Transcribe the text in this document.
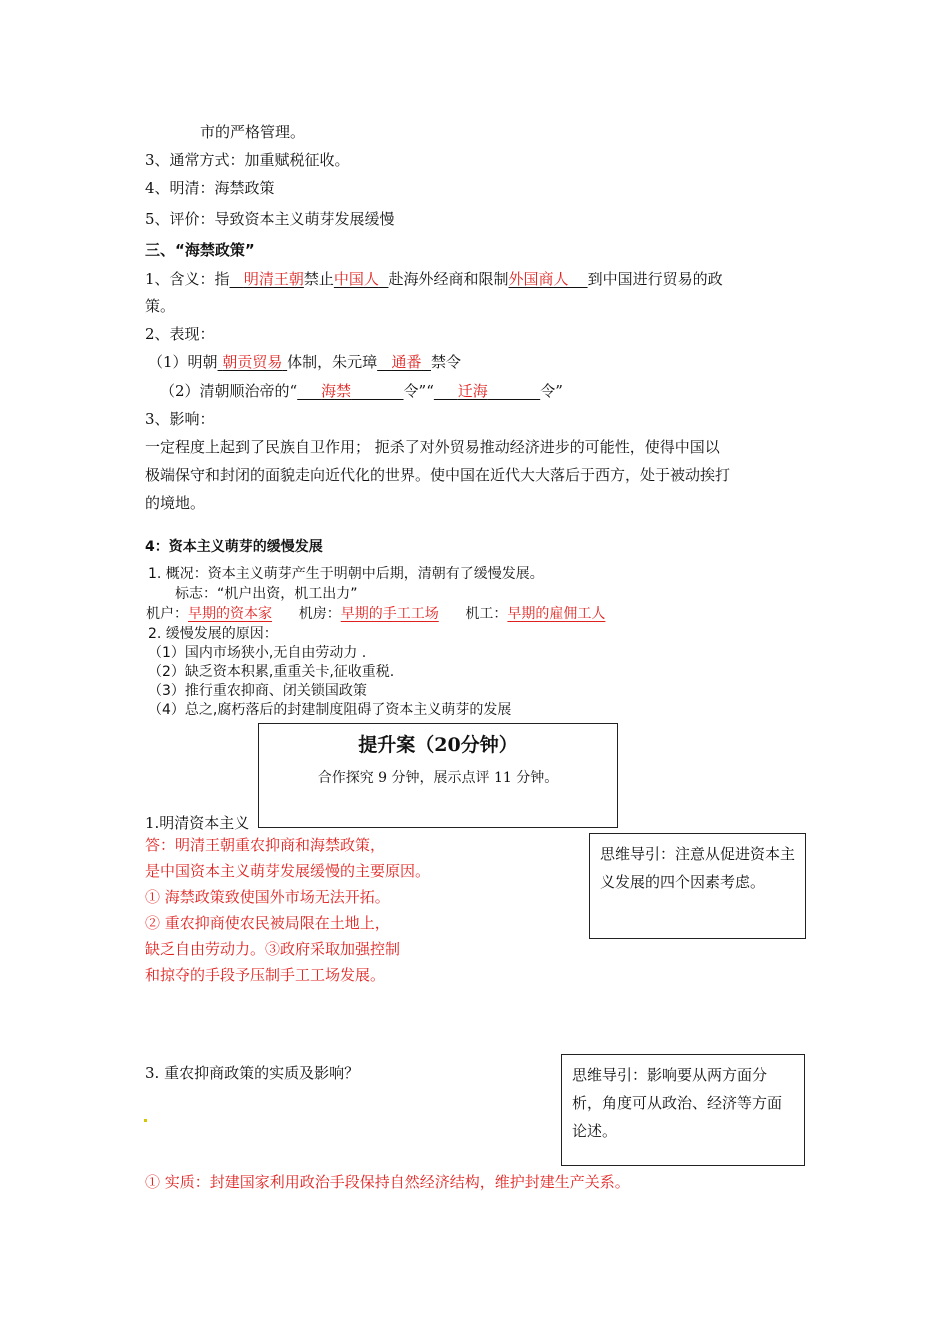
市的严格管理。
3、通常方式：加重赋税征收。
4、明清：海禁政策
5、评价：导致资本主义萌芽发展缓慢
三、“海禁政策”
1、含义：指 明清王朝禁止中国人 赴海外经商和限制外国商人 到中国进行贸易的政
策。
2、表现：
（1）明朝 朝贡贸易 体制，朱元璋 通番 禁令
（2）清朝顺治帝的“ 海禁	令”“ 迁海	令”
3、影响：
一定程度上起到了民族自卫作用； 扼杀了对外贸易推动经济进步的可能性，使得中国以
极端保守和封闭的面貌走向近代化的世界。使中国在近代大大落后于西方，处于被动挨打
的境地。
4：资本主义萌芽的缓慢发展
1. 概况：资本主义萌芽产生于明朝中后期，清朝有了缓慢发展。
标志：“机户出资，机工出力”
机户：早期的资本家 机房：早期的手工工场 机工：早期的雇佣工人
2. 缓慢发展的原因：
（1）国内市场狭小,无自由劳动力 .
（2）缺乏资本积累,重重关卡,征收重税.
（3）推行重农抑商、闭关锁国政策
（4）总之,腐朽落后的封建制度阻碍了资本主义萌芽的发展
1.明清资本主义
提升案（20分钟）
合作探究 9 分钟，展示点评 11 分钟。
答：明清王朝重农抑商和海禁政策，
是中国资本主义萌芽发展缓慢的主要原因。
① 海禁政策致使国外市场无法开拓。
② 重农抑商使农民被局限在土地上，
缺乏自由劳动力。③政府采取加强控制
和掠夺的手段予压制手工工场发展。
思维导引：注意从促进资本主义发展的四个因素考虑。
3. 重农抑商政策的实质及影响？	思维导引：影响要从两方面分析，角度可从政治、经济等方面论述。
① 实质：封建国家利用政治手段保持自然经济结构，维护封建生产关系。
